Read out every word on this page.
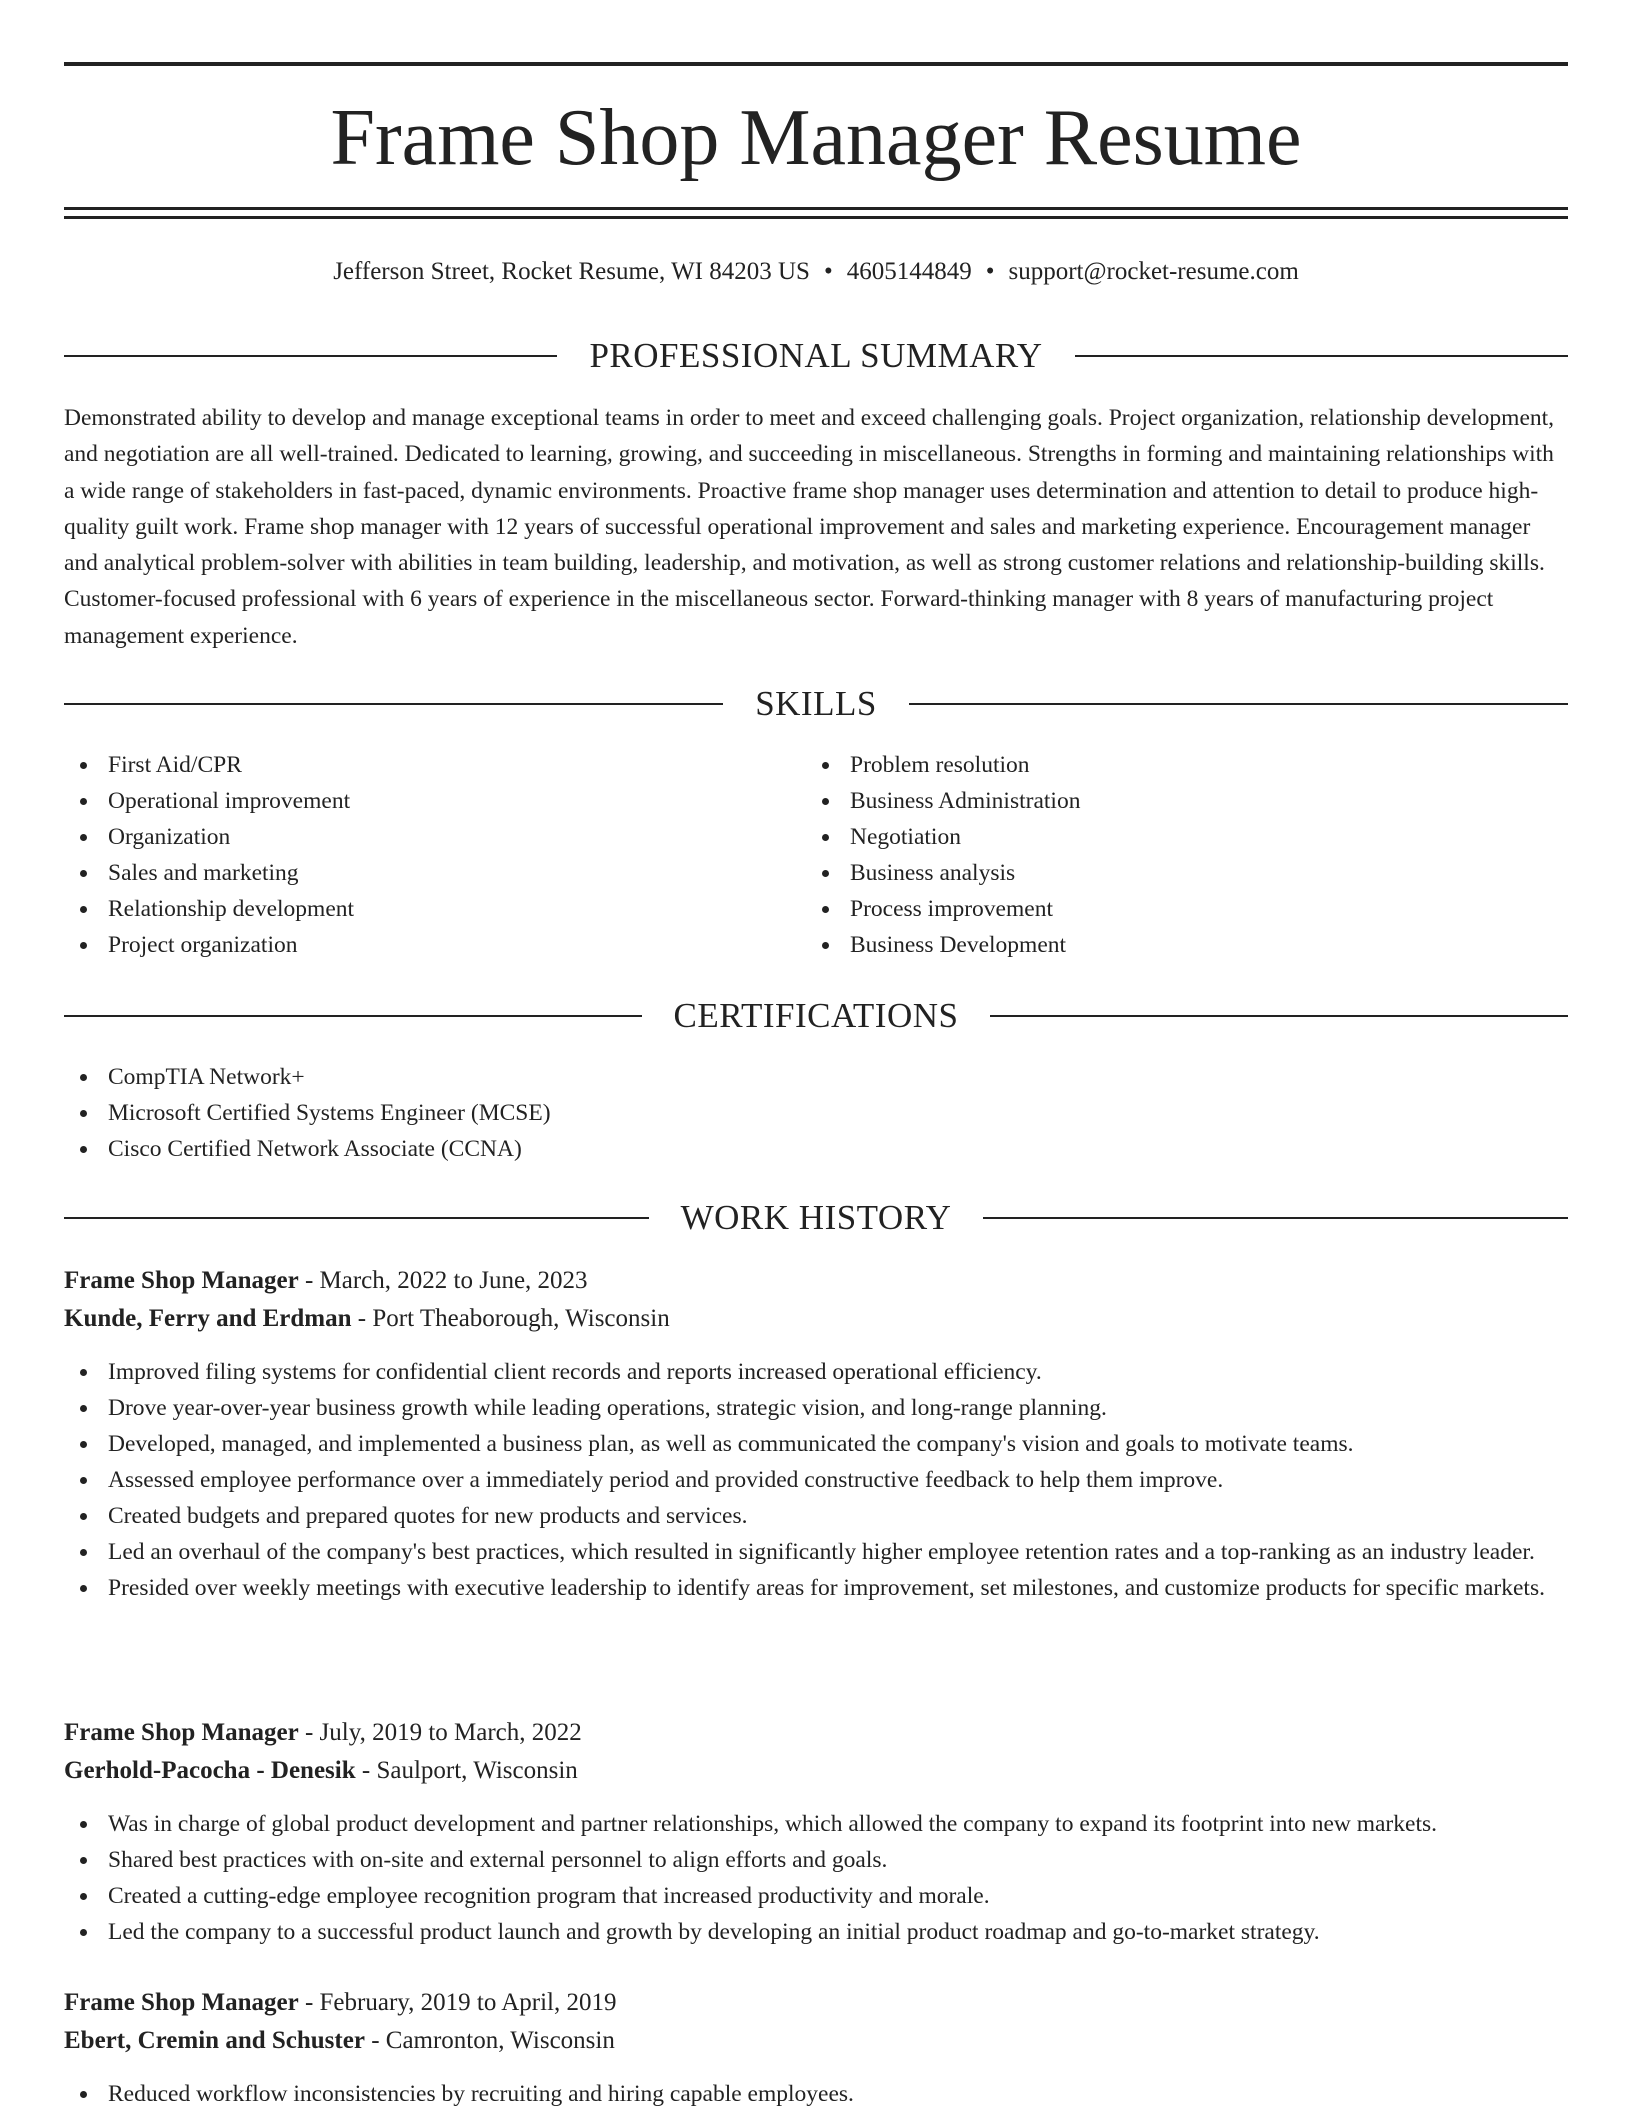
Frame Shop Manager Resume
Jefferson Street, Rocket Resume, WI 84203 US • 4605144849 • support@rocket-resume.com
PROFESSIONAL SUMMARY

Demonstrated ability to develop and manage exceptional teams in order to meet and exceed challenging goals. Project organization, relationship development, and negotiation are all well-trained. Dedicated to learning, growing, and succeeding in miscellaneous. Strengths in forming and maintaining relationships with a wide range of stakeholders in fast-paced, dynamic environments. Proactive frame shop manager uses determination and attention to detail to produce high-quality guilt work. Frame shop manager with 12 years of successful operational improvement and sales and marketing experience. Encouragement manager and analytical problem-solver with abilities in team building, leadership, and motivation, as well as strong customer relations and relationship-building skills. Customer-focused professional with 6 years of experience in the miscellaneous sector. Forward-thinking manager with 8 years of manufacturing project management experience.

SKILLS
First Aid/CPR
Operational improvement
Organization
Sales and marketing
Relationship development
Project organization
Problem resolution
Business Administration
Negotiation
Business analysis
Process improvement
Business Development
CERTIFICATIONS
CompTIA Network+
Microsoft Certified Systems Engineer (MCSE)
Cisco Certified Network Associate (CCNA)
WORK HISTORY
Frame Shop Manager - March, 2022 to June, 2023
Kunde, Ferry and Erdman - Port Theaborough, Wisconsin
Improved filing systems for confidential client records and reports increased operational efficiency.
Drove year-over-year business growth while leading operations, strategic vision, and long-range planning.
Developed, managed, and implemented a business plan, as well as communicated the company's vision and goals to motivate teams.
Assessed employee performance over a immediately period and provided constructive feedback to help them improve.
Created budgets and prepared quotes for new products and services.
Led an overhaul of the company's best practices, which resulted in significantly higher employee retention rates and a top-ranking as an industry leader.
Presided over weekly meetings with executive leadership to identify areas for improvement, set milestones, and customize products for specific markets.
Frame Shop Manager - July, 2019 to March, 2022
Gerhold-Pacocha - Denesik - Saulport, Wisconsin
Was in charge of global product development and partner relationships, which allowed the company to expand its footprint into new markets.
Shared best practices with on-site and external personnel to align efforts and goals.
Created a cutting-edge employee recognition program that increased productivity and morale.
Led the company to a successful product launch and growth by developing an initial product roadmap and go-to-market strategy.
Frame Shop Manager - February, 2019 to April, 2019
Ebert, Cremin and Schuster - Camronton, Wisconsin
Reduced workflow inconsistencies by recruiting and hiring capable employees.
